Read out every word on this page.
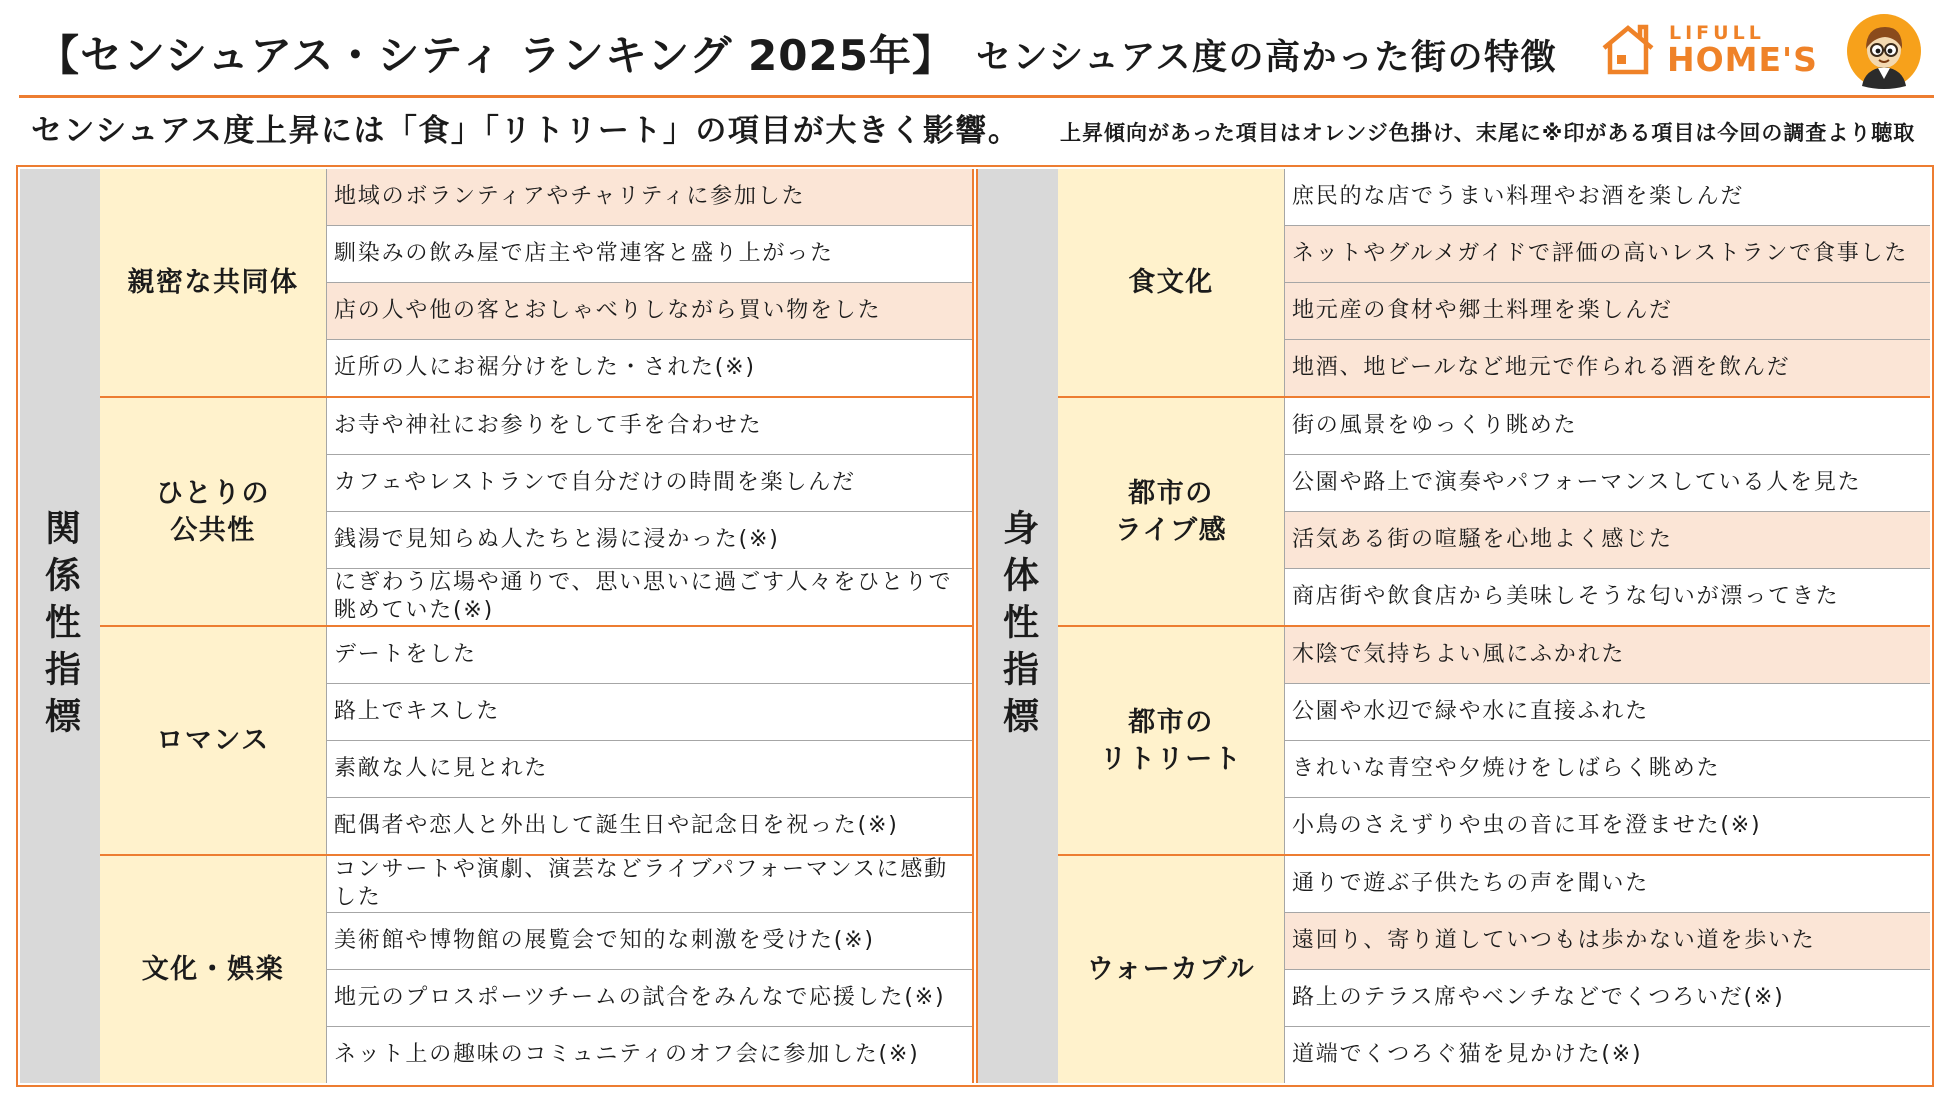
【センシュアス・シティ ランキング 2025年】 センシュアス度の高かった街の特徴
LIFULL
HOME'S
センシュアス度上昇には「食」「リトリート」の項目が大きく影響。 上昇傾向があった項目はオレンジ色掛け、末尾に※印がある項目は今回の調査より聴取
関係性指標
親密な共同体
地域のボランティアやチャリティに参加した
馴染みの飲み屋で店主や常連客と盛り上がった
店の人や他の客とおしゃべりしながら買い物をした
近所の人にお裾分けをした・された(※)
ひとりの
公共性
お寺や神社にお参りをして手を合わせた
カフェやレストランで自分だけの時間を楽しんだ
銭湯で見知らぬ人たちと湯に浸かった(※)
にぎわう広場や通りで、思い思いに過ごす人々をひとりで眺めていた(※)
ロマンス
デートをした
路上でキスした
素敵な人に見とれた
配偶者や恋人と外出して誕生日や記念日を祝った(※)
文化・娯楽
コンサートや演劇、演芸などライブパフォーマンスに感動した
美術館や博物館の展覧会で知的な刺激を受けた(※)
地元のプロスポーツチームの試合をみんなで応援した(※)
ネット上の趣味のコミュニティのオフ会に参加した(※)
身体性指標
食文化
庶民的な店でうまい料理やお酒を楽しんだ
ネットやグルメガイドで評価の高いレストランで食事した
地元産の食材や郷土料理を楽しんだ
地酒、地ビールなど地元で作られる酒を飲んだ
都市の
ライブ感
街の風景をゆっくり眺めた
公園や路上で演奏やパフォーマンスしている人を見た
活気ある街の喧騒を心地よく感じた
商店街や飲食店から美味しそうな匂いが漂ってきた
都市の
リトリート
木陰で気持ちよい風にふかれた
公園や水辺で緑や水に直接ふれた
きれいな青空や夕焼けをしばらく眺めた
小鳥のさえずりや虫の音に耳を澄ませた(※)
ウォーカブル
通りで遊ぶ子供たちの声を聞いた
遠回り、寄り道していつもは歩かない道を歩いた
路上のテラス席やベンチなどでくつろいだ(※)
道端でくつろぐ猫を見かけた(※)
